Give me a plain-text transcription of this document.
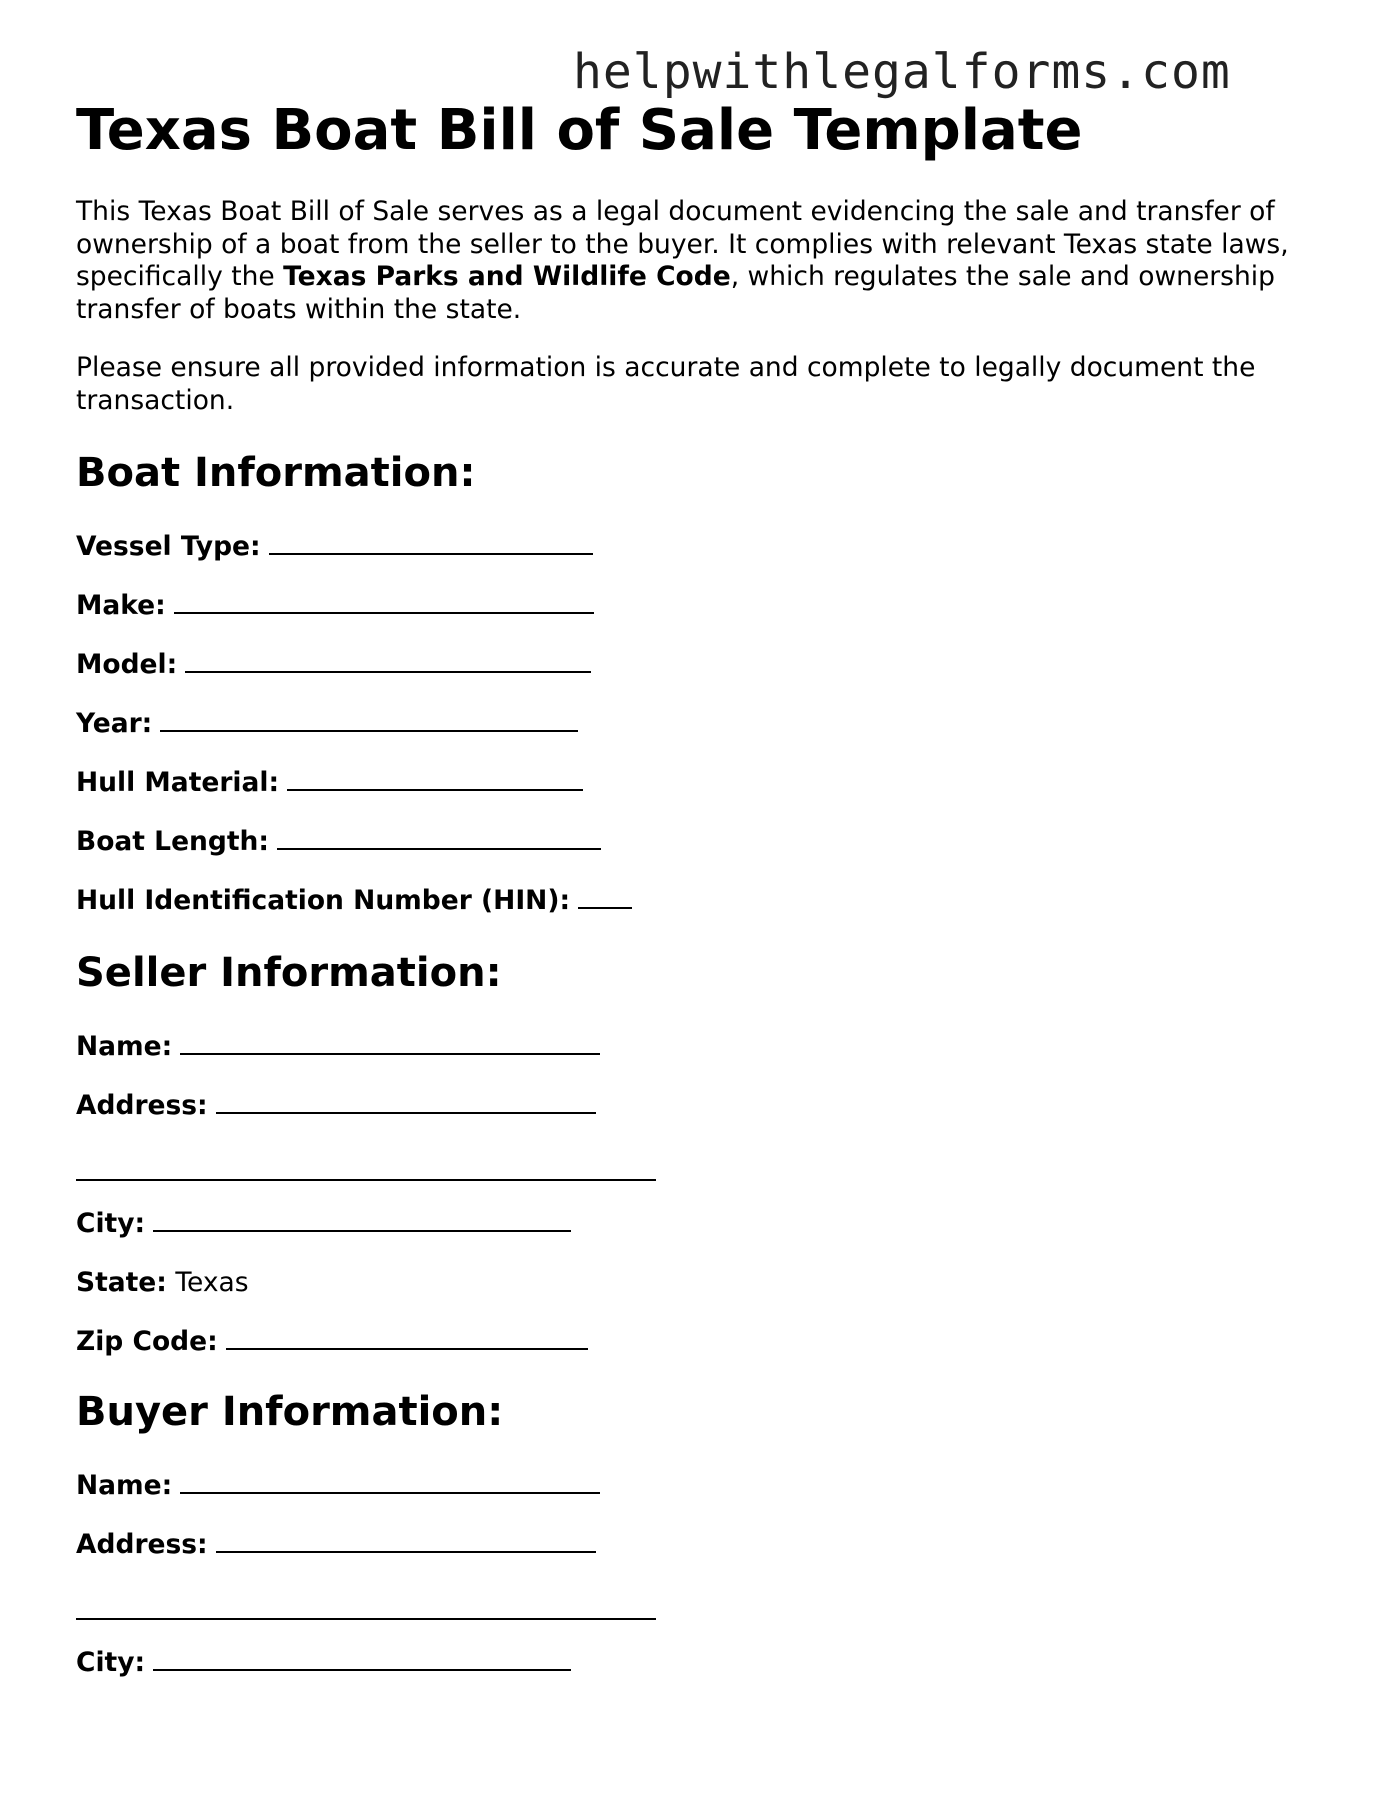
helpwithlegalforms.com
Texas Boat Bill of Sale Template

This Texas Boat Bill of Sale serves as a legal document evidencing the sale and transfer of ownership of a boat from the seller to the buyer. It complies with relevant Texas state laws, specifically the Texas Parks and Wildlife Code, which regulates the sale and ownership transfer of boats within the state.

Please ensure all provided information is accurate and complete to legally document the transaction.

Boat Information:
Vessel Type:
Make:
Model:
Year:
Hull Material:
Boat Length:
Hull Identification Number (HIN):
Seller Information:
Name:
Address:
City:
State: Texas
Zip Code:
Buyer Information:
Name:
Address:
City:
